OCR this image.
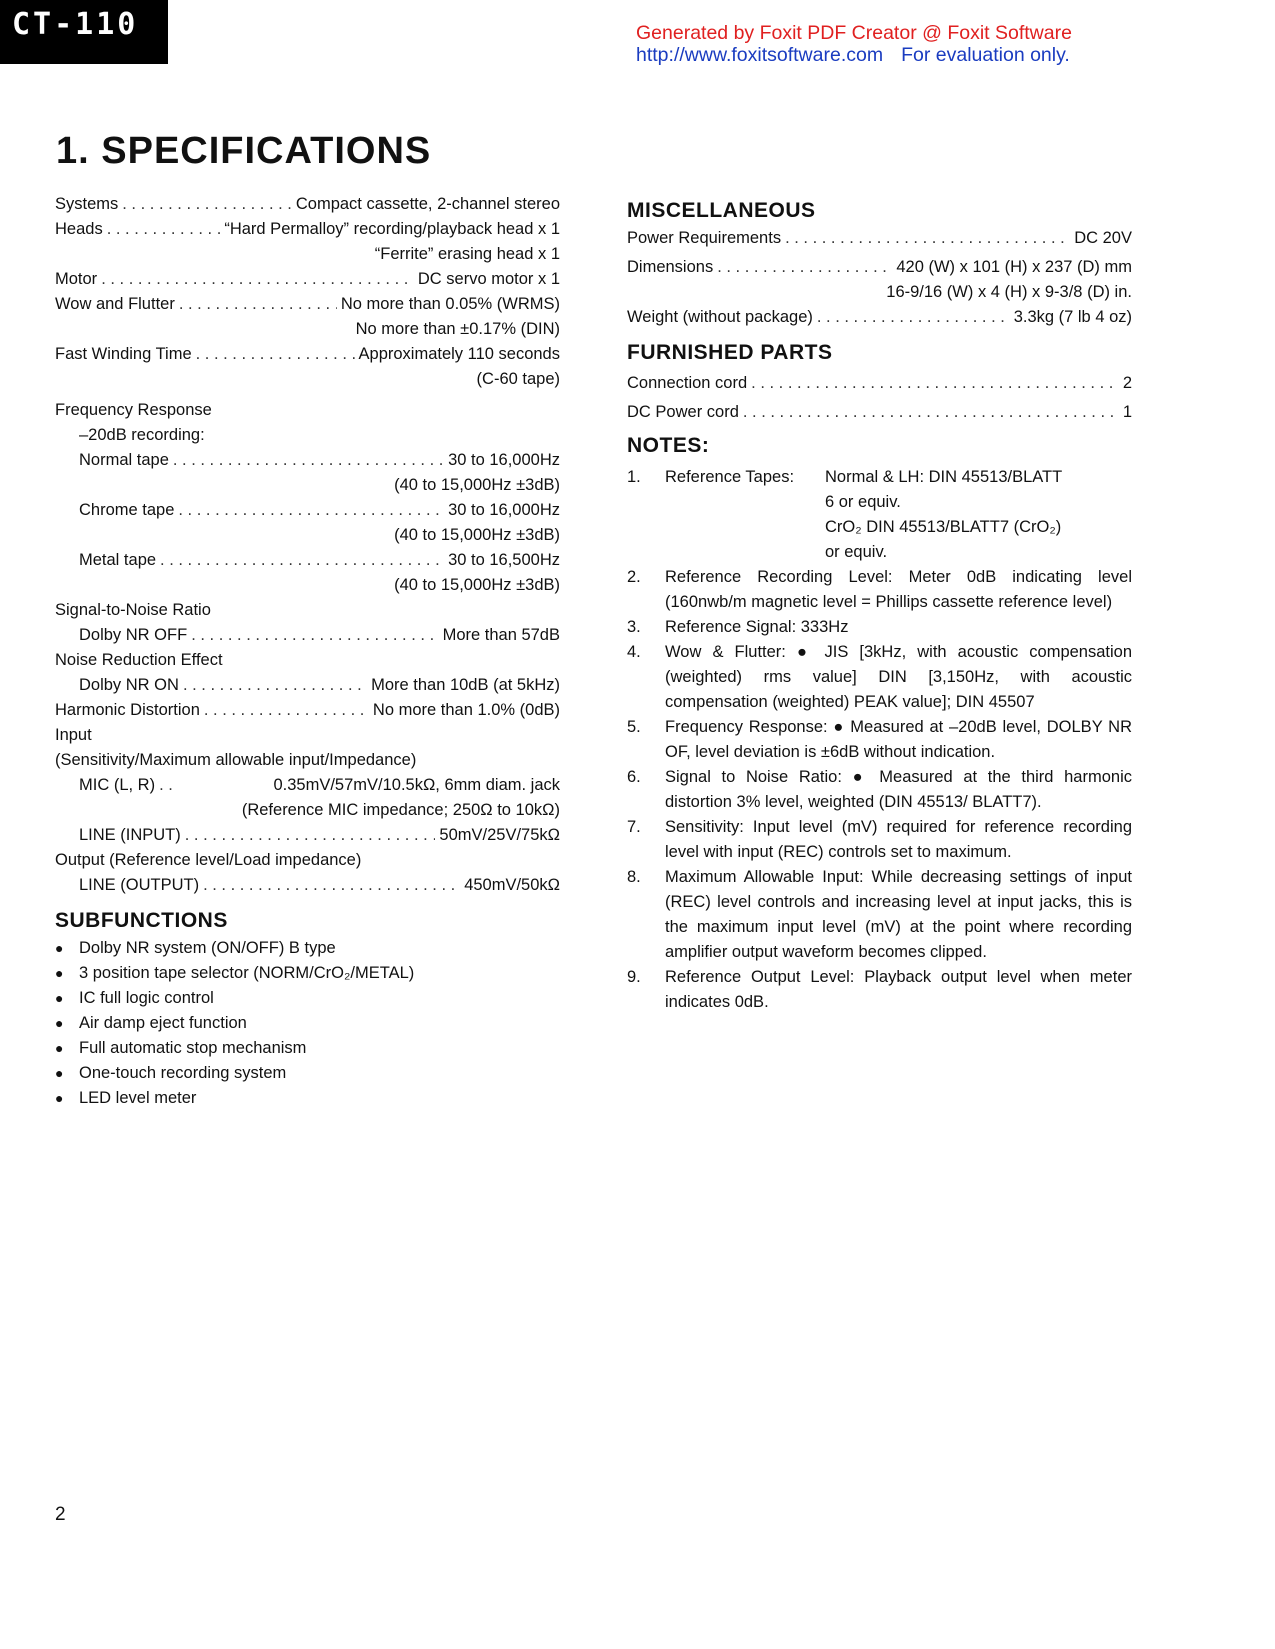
CT-110	Generated by Foxit PDF Creator @ Foxit Software
http://www.foxitsoftware.com For evaluation only.
1. SPECIFICATIONS
Systems . . .	Compact cassette, 2-channel stereo
Heads . . .	“Hard Permalloy” recording/playback head x 1
“Ferrite” erasing head x 1
Motor . . .	DC servo motor x 1
Wow and Flutter . . .	No more than 0.05% (WRMS)
No more than ±0.17% (DIN)
Fast Winding Time . . .	Approximately 110 seconds
(C-60 tape)
Frequency Response
–20dB recording:
Normal tape . . .	30 to 16,000Hz
(40 to 15,000Hz ±3dB)
Chrome tape . . .	30 to 16,000Hz
(40 to 15,000Hz ±3dB)
Metal tape . . .	30 to 16,500Hz
(40 to 15,000Hz ±3dB)
Signal-to-Noise Ratio
Dolby NR OFF . . .	More than 57dB
Noise Reduction Effect
Dolby NR ON . . .	More than 10dB (at 5kHz)
Harmonic Distortion . . .	No more than 1.0% (0dB)
Input
(Sensitivity/Maximum allowable input/Impedance)
MIC (L, R) . . .	0.35mV/57mV/10.5kΩ, 6mm diam. jack
(Reference MIC impedance; 250Ω to 10kΩ)
LINE (INPUT) . . .	50mV/25V/75kΩ
Output (Reference level/Load impedance)
LINE (OUTPUT) . . .	450mV/50kΩ
SUBFUNCTIONS
● Dolby NR system (ON/OFF) B type
● 3 position tape selector (NORM/CrO₂/METAL)
● IC full logic control
● Air damp eject function
● Full automatic stop mechanism
● One-touch recording system
● LED level meter
MISCELLANEOUS
Power Requirements . . .	DC 20V
Dimensions . . .	420 (W) x 101 (H) x 237 (D) mm
16-9/16 (W) x 4 (H) x 9-3/8 (D) in.
Weight (without package) . . .	3.3kg (7 lb 4 oz)
FURNISHED PARTS
Connection cord . . .	2
DC Power cord . . .	1
NOTES:
1.	Reference Tapes:	Normal & LH: DIN 45513/BLATT
6 or equiv.
CrO₂ DIN 45513/BLATT7 (CrO₂)
or equiv.
2.	Reference Recording Level: Meter 0dB indicating level (160nwb/m magnetic level = Phillips cassette reference level)
3.	Reference Signal: 333Hz
4.	Wow & Flutter: ● JIS [3kHz, with acoustic compensation (weighted) rms value] DIN [3,150Hz, with acoustic compensation (weighted) PEAK value]; DIN 45507
5.	Frequency Response: ● Measured at –20dB level, DOLBY NR OF, level deviation is ±6dB without indication.
6.	Signal to Noise Ratio: ● Measured at the third harmonic distortion 3% level, weighted (DIN 45513/ BLATT7).
7.	Sensitivity: Input level (mV) required for reference recording level with input (REC) controls set to maximum.
8.	Maximum Allowable Input: While decreasing settings of input (REC) level controls and increasing level at input jacks, this is the maximum input level (mV) at the point where recording amplifier output waveform becomes clipped.
9.	Reference Output Level: Playback output level when meter indicates 0dB.
2
